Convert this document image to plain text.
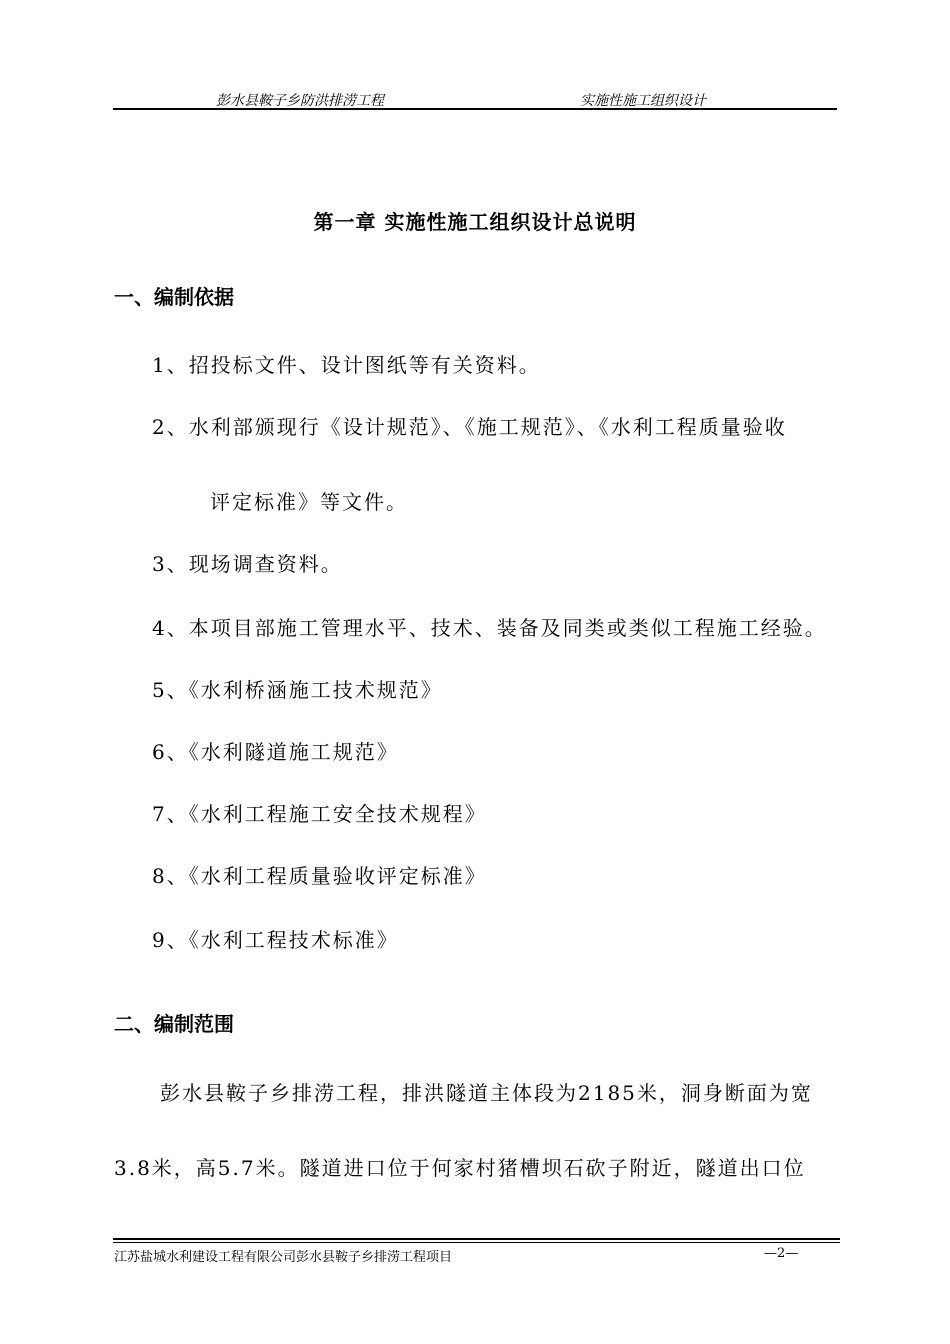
彭水县鞍子乡防洪排涝工程	实施性施工组织设计
第一章 实施性施工组织设计总说明
一、编制依据
1、招投标文件、设计图纸等有关资料。
2、水利部颁现行《设计规范》、《施工规范》、《水利工程质量验收
评定标准》等文件。
3、现场调查资料。
4、本项目部施工管理水平、技术、装备及同类或类似工程施工经验。
5、《水利桥涵施工技术规范》
6、《水利隧道施工规范》
7、《水利工程施工安全技术规程》
8、《水利工程质量验收评定标准》
9、《水利工程技术标准》
二、编制范围
彭水县鞍子乡排涝工程，排洪隧道主体段为2185米，洞身断面为宽
3.8米，高5.7米。隧道进口位于何家村猪槽坝石砍子附近，隧道出口位
江苏盐城水利建设工程有限公司彭水县鞍子乡排涝工程项目	—2—
